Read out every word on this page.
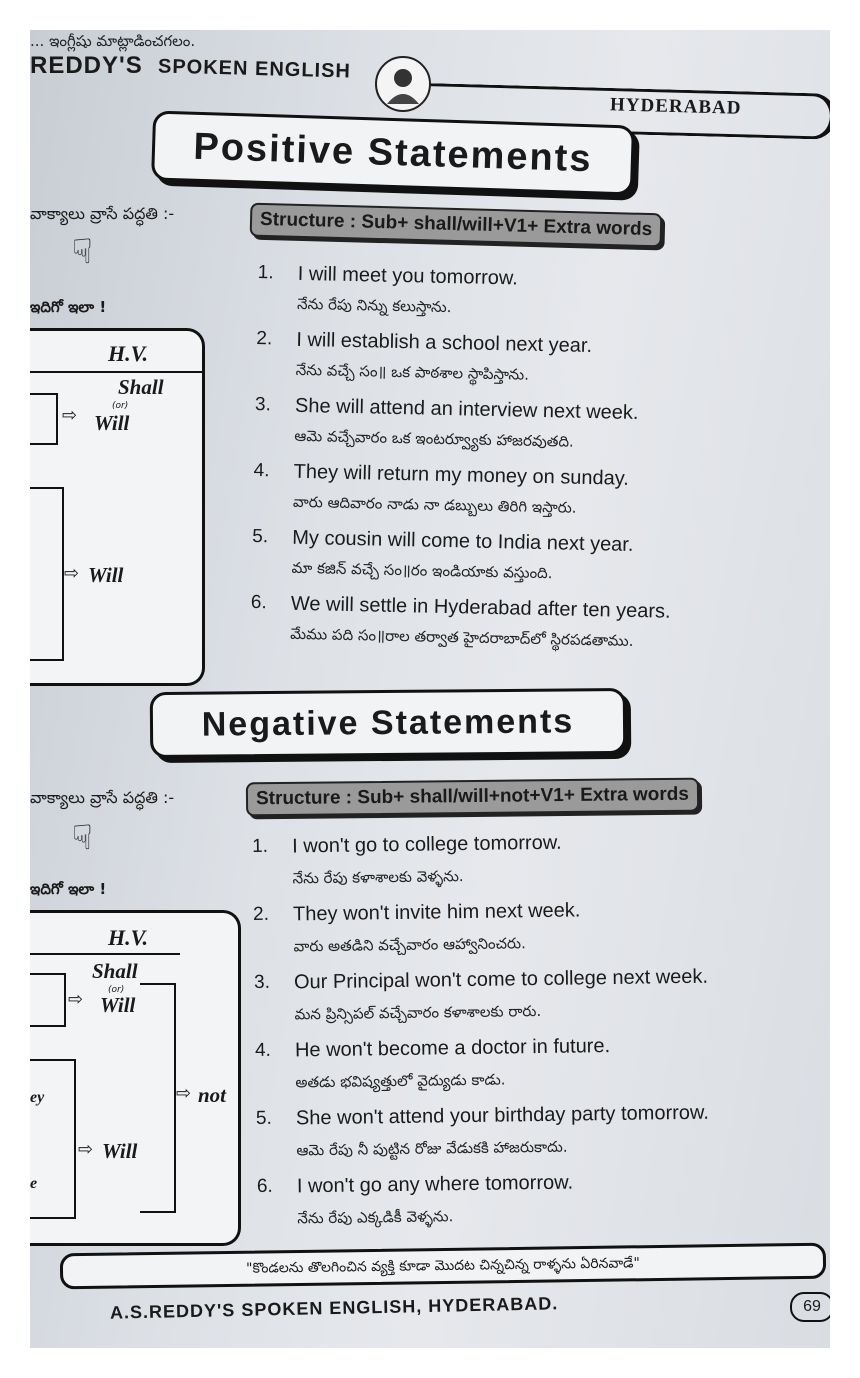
... ఇంగ్లీషు మాట్లాడించగలం.
REDDY'S SPOKEN ENGLISH
HYDERABAD
Positive Statements
వాక్యాలు వ్రాసే పద్ధతి :-	Structure : Sub+ shall/will+V1+ Extra words
☟
ఇదిగో ఇలా !
H.V.
Shall
(or)
⇨ Will
⇨ Will
1. I will meet you tomorrow.
నేను రేపు నిన్ను కలుస్తాను.
2. I will establish a school next year.
నేను వచ్చే సం॥ ఒక పాఠశాల స్థాపిస్తాను.
3. She will attend an interview next week.
ఆమె వచ్చేవారం ఒక ఇంటర్వ్యూకు హాజరవుతది.
4. They will return my money on sunday.
వారు ఆదివారం నాడు నా డబ్బులు తిరిగి ఇస్తారు.
5. My cousin will come to India next year.
మా కజిన్ వచ్చే సం॥రం ఇండియాకు వస్తుంది.
6. We will settle in Hyderabad after ten years.
మేము పది సం॥రాల తర్వాత హైదరాబాద్‌లో స్థిరపడతాము.
Negative Statements
వాక్యాలు వ్రాసే పద్ధతి :-	Structure : Sub+ shall/will+not+V1+ Extra words
☟
ఇదిగో ఇలా !
H.V.
Shall
(or)
⇨ Will
⇨ not
ey
⇨ Will
e
1. I won't go to college tomorrow.
నేను రేపు కళాశాలకు వెళ్ళను.
2. They won't invite him next week.
వారు అతడిని వచ్చేవారం ఆహ్వానించరు.
3. Our Principal won't come to college next week.
మన ప్రిన్సిపల్ వచ్చేవారం కళాశాలకు రారు.
4. He won't become a doctor in future.
అతడు భవిష్యత్తులో వైద్యుడు కాడు.
5. She won't attend your birthday party tomorrow.
ఆమె రేపు నీ పుట్టిన రోజు వేడుకకి హాజరుకాదు.
6. I won't go any where tomorrow.
నేను రేపు ఎక్కడికీ వెళ్ళను.
"కొండలను తొలగించిన వ్యక్తి కూడా మొదట చిన్నచిన్న రాళ్ళను ఏరినవాడే"
A.S.REDDY'S SPOKEN ENGLISH, HYDERABAD.	69
